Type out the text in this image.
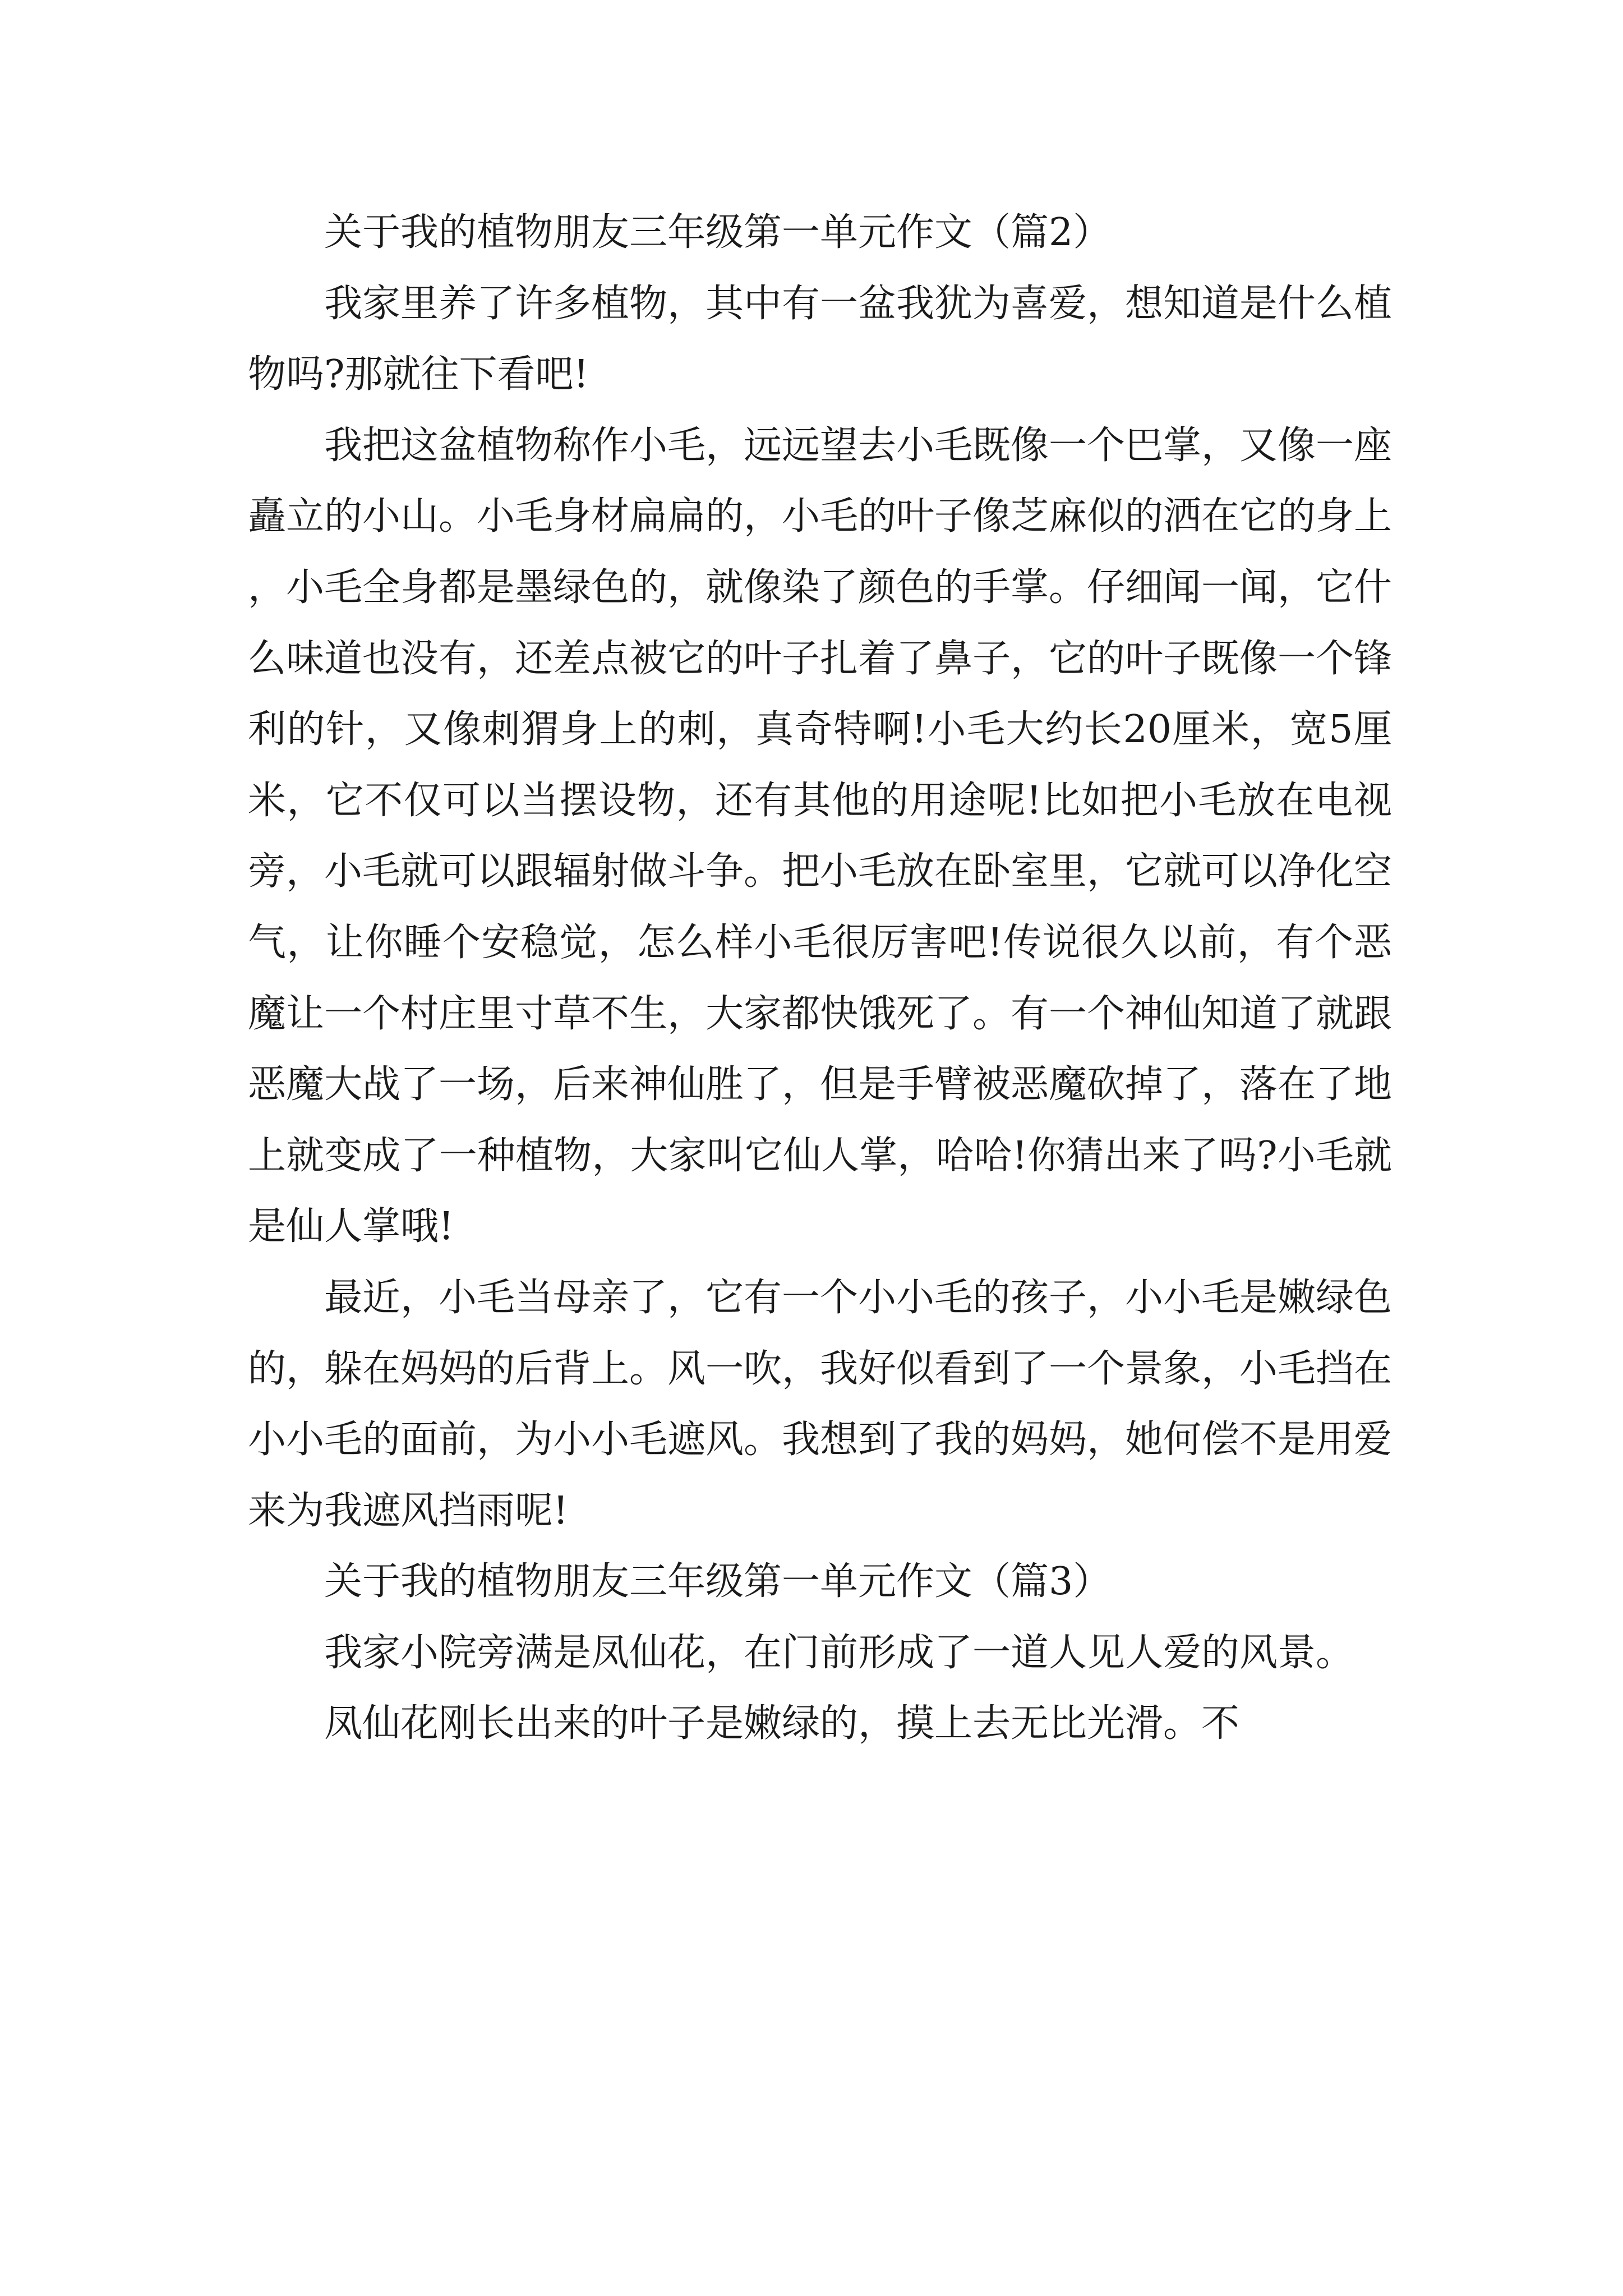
关于我的植物朋友三年级第一单元作文（篇2）

我家里养了许多植物，其中有一盆我犹为喜爱，想知道是什么植物吗?那就往下看吧!

我把这盆植物称作小毛，远远望去小毛既像一个巴掌，又像一座矗立的小山。小毛身材扁扁的，小毛的叶子像芝麻似的洒在它的身上，小毛全身都是墨绿色的，就像染了颜色的手掌。仔细闻一闻，它什么味道也没有，还差点被它的叶子扎着了鼻子，它的叶子既像一个锋利的针，又像刺猬身上的刺，真奇特啊!小毛大约长20厘米，宽5厘米，它不仅可以当摆设物，还有其他的用途呢!比如把小毛放在电视旁，小毛就可以跟辐射做斗争。把小毛放在卧室里，它就可以净化空气，让你睡个安稳觉，怎么样小毛很厉害吧!传说很久以前，有个恶魔让一个村庄里寸草不生，大家都快饿死了。有一个神仙知道了就跟恶魔大战了一场，后来神仙胜了，但是手臂被恶魔砍掉了，落在了地上就变成了一种植物，大家叫它仙人掌，哈哈!你猜出来了吗?小毛就是仙人掌哦!

最近，小毛当母亲了，它有一个小小毛的孩子，小小毛是嫩绿色的，躲在妈妈的后背上。风一吹，我好似看到了一个景象，小毛挡在小小毛的面前，为小小毛遮风。我想到了我的妈妈，她何偿不是用爱来为我遮风挡雨呢!

关于我的植物朋友三年级第一单元作文（篇3）

我家小院旁满是凤仙花，在门前形成了一道人见人爱的风景。

凤仙花刚长出来的叶子是嫩绿的，摸上去无比光滑。不
